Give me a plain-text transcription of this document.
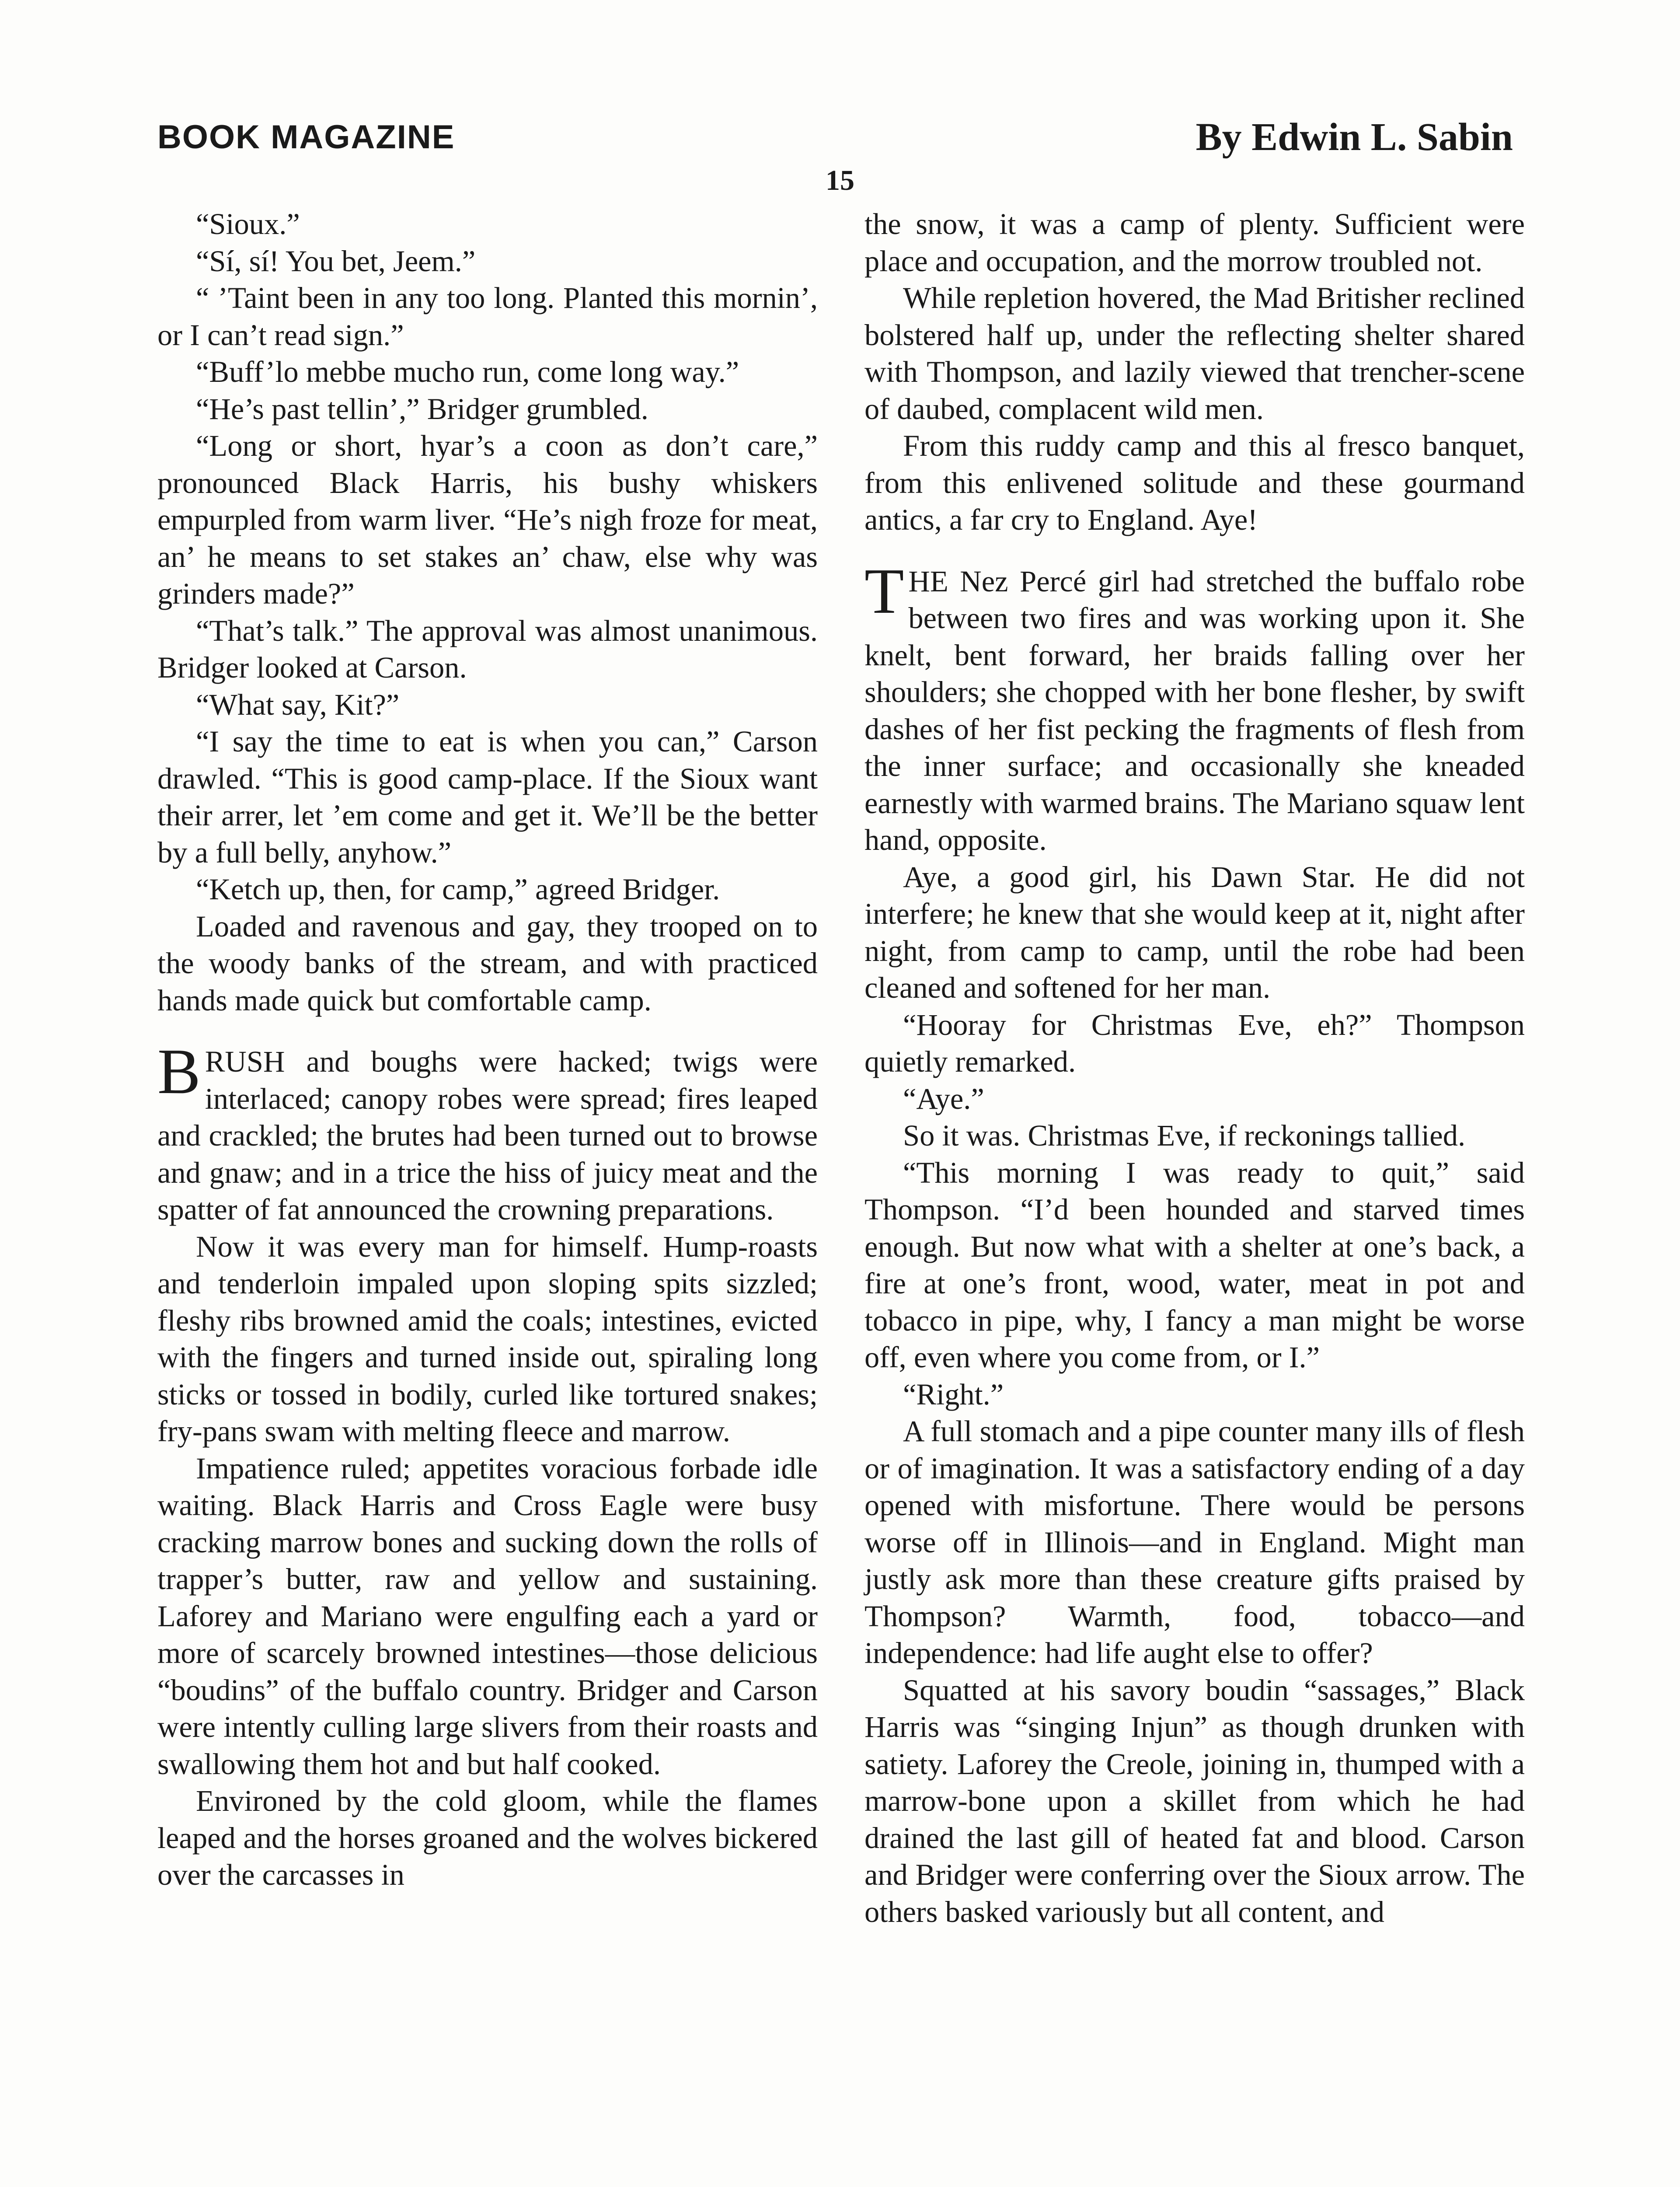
BOOK MAGAZINE	By Edwin L. Sabin
15

“Sioux.”

“Sí, sí! You bet, Jeem.”

“ ’Taint been in any too long. Planted this mornin’, or I can’t read sign.”

“Buff’lo mebbe mucho run, come long way.”

“He’s past tellin’,” Bridger grumbled.

“Long or short, hyar’s a coon as don’t care,” pronounced Black Harris, his bushy whiskers empurpled from warm liver. “He’s nigh froze for meat, an’ he means to set stakes an’ chaw, else why was grinders made?”

“That’s talk.” The approval was almost unanimous. Bridger looked at Carson.

“What say, Kit?”

“I say the time to eat is when you can,” Carson drawled. “This is good camp-place. If the Sioux want their arrer, let ’em come and get it. We’ll be the better by a full belly, anyhow.”

“Ketch up, then, for camp,” agreed Bridger.

Loaded and ravenous and gay, they trooped on to the woody banks of the stream, and with practiced hands made quick but comfortable camp.

BRUSH and boughs were hacked; twigs were interlaced; canopy robes were spread; fires leaped and crackled; the brutes had been turned out to browse and gnaw; and in a trice the hiss of juicy meat and the spatter of fat announced the crowning preparations.

Now it was every man for himself. Hump-roasts and tenderloin impaled upon sloping spits sizzled; fleshy ribs browned amid the coals; intestines, evicted with the fingers and turned inside out, spiraling long sticks or tossed in bodily, curled like tortured snakes; fry-pans swam with melting fleece and marrow.

Impatience ruled; appetites voracious forbade idle waiting. Black Harris and Cross Eagle were busy cracking marrow bones and sucking down the rolls of trapper’s butter, raw and yellow and sustaining. Laforey and Mariano were engulfing each a yard or more of scarcely browned intestines—those delicious “boudins” of the buffalo country. Bridger and Carson were intently culling large slivers from their roasts and swallowing them hot and but half cooked.

Environed by the cold gloom, while the flames leaped and the horses groaned and the wolves bickered over the carcasses in

the snow, it was a camp of plenty. Sufficient were place and occupation, and the morrow troubled not.

While repletion hovered, the Mad Britisher reclined bolstered half up, under the reflecting shelter shared with Thompson, and lazily viewed that trencher-scene of daubed, complacent wild men.

From this ruddy camp and this al fresco banquet, from this enlivened solitude and these gourmand antics, a far cry to England. Aye!

THE Nez Percé girl had stretched the buffalo robe between two fires and was working upon it. She knelt, bent forward, her braids falling over her shoulders; she chopped with her bone flesher, by swift dashes of her fist pecking the fragments of flesh from the inner surface; and occasionally she kneaded earnestly with warmed brains. The Mariano squaw lent hand, opposite.

Aye, a good girl, his Dawn Star. He did not interfere; he knew that she would keep at it, night after night, from camp to camp, until the robe had been cleaned and softened for her man.

“Hooray for Christmas Eve, eh?” Thompson quietly remarked.

“Aye.”

So it was. Christmas Eve, if reckonings tallied.

“This morning I was ready to quit,” said Thompson. “I’d been hounded and starved times enough. But now what with a shelter at one’s back, a fire at one’s front, wood, water, meat in pot and tobacco in pipe, why, I fancy a man might be worse off, even where you come from, or I.”

“Right.”

A full stomach and a pipe counter many ills of flesh or of imagination. It was a satisfactory ending of a day opened with misfortune. There would be persons worse off in Illinois—and in England. Might man justly ask more than these creature gifts praised by Thompson? Warmth, food, tobacco—and independence: had life aught else to offer?

Squatted at his savory boudin “sassages,” Black Harris was “singing Injun” as though drunken with satiety. Laforey the Creole, joining in, thumped with a marrow-bone upon a skillet from which he had drained the last gill of heated fat and blood. Carson and Bridger were conferring over the Sioux arrow. The others basked variously but all content, and
